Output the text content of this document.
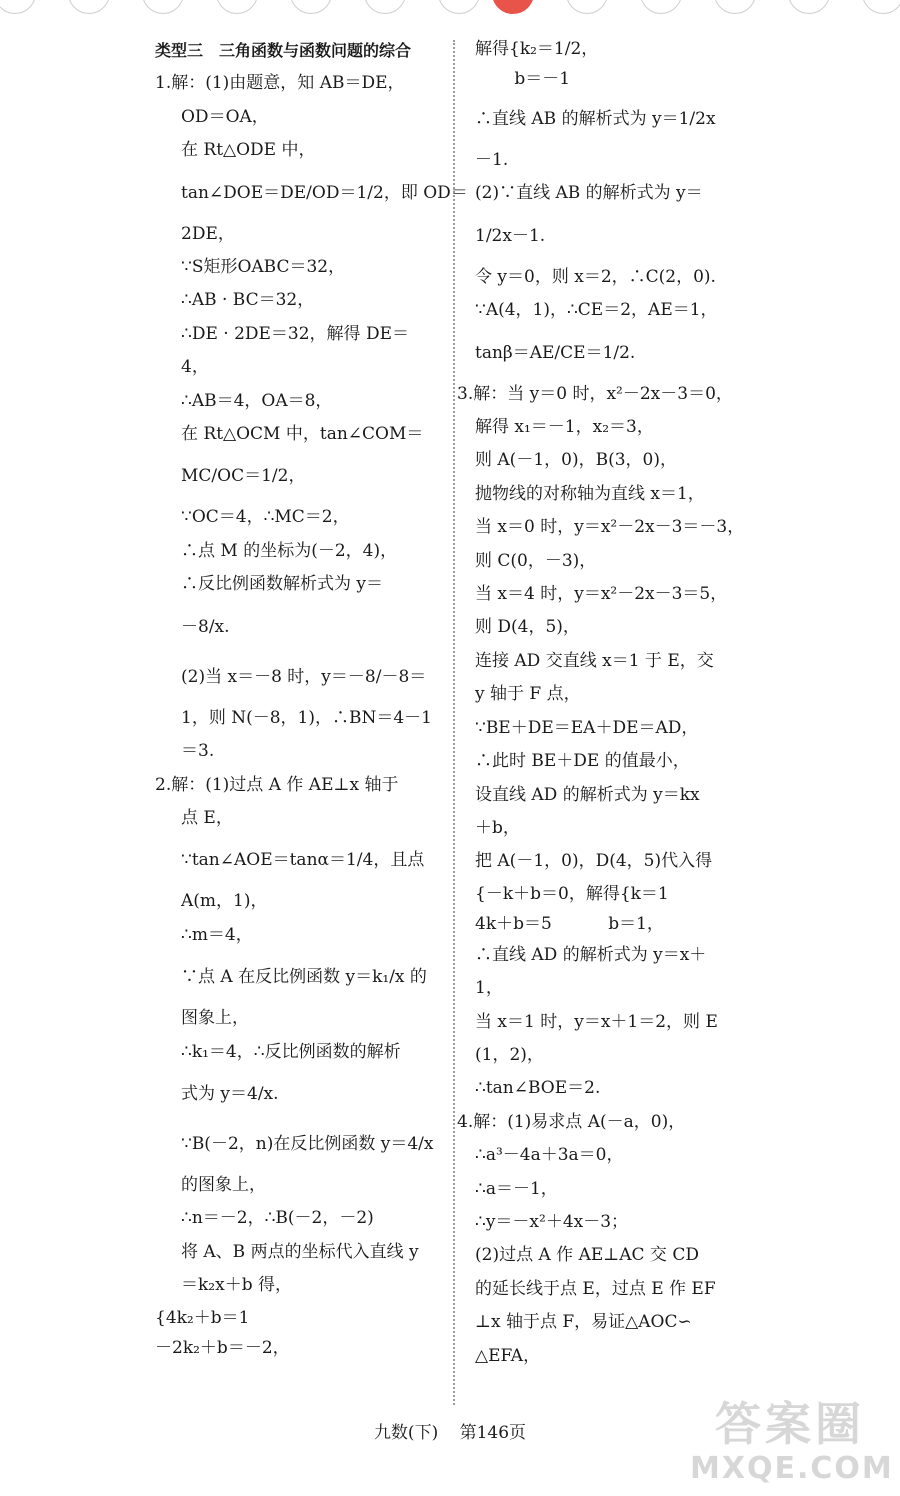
类型三　三角函数与函数问题的综合
1.解：(1)由题意，知 AB＝DE，
OD＝OA，
在 Rt△ODE 中，
tan∠DOE＝DE/OD＝1/2，即 OD＝
2DE，
∵S矩形OABC＝32，
∴AB · BC＝32，
∴DE · 2DE＝32，解得 DE＝
4，
∴AB＝4，OA＝8，
在 Rt△OCM 中，tan∠COM＝
MC/OC＝1/2，
∵OC＝4，∴MC＝2，
∴点 M 的坐标为(－2，4)，
∴反比例函数解析式为 y＝
－8/x.
(2)当 x＝－8 时，y＝－8/－8＝
1，则 N(－8，1)，∴BN＝4－1
＝3.
2.解：(1)过点 A 作 AE⊥x 轴于
点 E，
∵tan∠AOE＝tanα＝1/4，且点
A(m，1)，
∴m＝4，
∵点 A 在反比例函数 y＝k₁/x 的
图象上，
∴k₁＝4，∴反比例函数的解析
式为 y＝4/x.
∵B(－2，n)在反比例函数 y＝4/x
的图象上，
∴n＝－2，∴B(－2，－2)
将 A、B 两点的坐标代入直线 y
＝k₂x＋b 得，
{4k₂＋b＝1
－2k₂＋b＝－2，
解得{k₂＝1/2，
　　 b＝－1
∴直线 AB 的解析式为 y＝1/2x
－1.
(2)∵直线 AB 的解析式为 y＝
1/2x－1.
令 y＝0，则 x＝2，∴C(2，0).
∵A(4，1)，∴CE＝2，AE＝1，
tanβ＝AE/CE＝1/2.
3.解：当 y＝0 时，x²－2x－3＝0，
解得 x₁＝－1，x₂＝3，
则 A(－1，0)，B(3，0)，
抛物线的对称轴为直线 x＝1，
当 x＝0 时，y＝x²－2x－3＝－3，
则 C(0，－3)，
当 x＝4 时，y＝x²－2x－3＝5，
则 D(4，5)，
连接 AD 交直线 x＝1 于 E，交
y 轴于 F 点，
∵BE＋DE＝EA＋DE＝AD，
∴此时 BE＋DE 的值最小，
设直线 AD 的解析式为 y＝kx
＋b，
把 A(－1，0)，D(4，5)代入得
{－k＋b＝0，解得{k＝1
4k＋b＝5　　　 b＝1，
∴直线 AD 的解析式为 y＝x＋
1，
当 x＝1 时，y＝x＋1＝2，则 E
(1，2)，
∴tan∠BOE＝2.
4.解：(1)易求点 A(－a，0)，
∴a³－4a＋3a＝0，
∴a＝－1，
∴y＝－x²＋4x－3；
(2)过点 A 作 AE⊥AC 交 CD
的延长线于点 E，过点 E 作 EF
⊥x 轴于点 F，易证△AOC∽
△EFA，
九数(下) 第146页	答案圈
MXQE.COM
